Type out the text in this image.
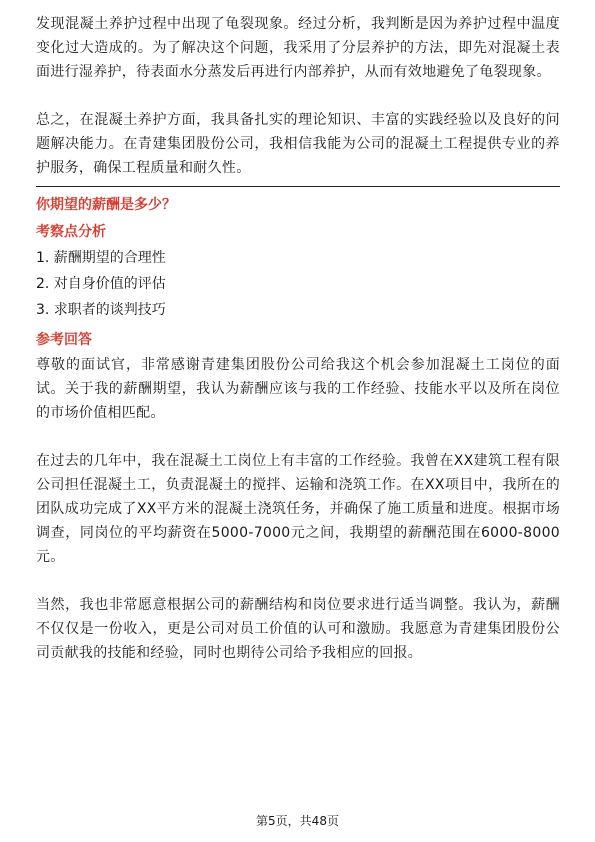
发现混凝土养护过程中出现了龟裂现象。经过分析，我判断是因为养护过程中温度变化过大造成的。为了解决这个问题，我采用了分层养护的方法，即先对混凝土表面进行湿养护，待表面水分蒸发后再进行内部养护，从而有效地避免了龟裂现象。

总之，在混凝土养护方面，我具备扎实的理论知识、丰富的实践经验以及良好的问题解决能力。在青建集团股份公司，我相信我能为公司的混凝土工程提供专业的养护服务，确保工程质量和耐久性。

你期望的薪酬是多少？

考察点分析

1. 薪酬期望的合理性

2. 对自身价值的评估

3. 求职者的谈判技巧

参考回答

尊敬的面试官，非常感谢青建集团股份公司给我这个机会参加混凝土工岗位的面试。关于我的薪酬期望，我认为薪酬应该与我的工作经验、技能水平以及所在岗位的市场价值相匹配。

在过去的几年中，我在混凝土工岗位上有丰富的工作经验。我曾在XX建筑工程有限公司担任混凝土工，负责混凝土的搅拌、运输和浇筑工作。在XX项目中，我所在的团队成功完成了XX平方米的混凝土浇筑任务，并确保了施工质量和进度。根据市场调查，同岗位的平均薪资在5000-7000元之间，我期望的薪酬范围在6000-8000元。

当然，我也非常愿意根据公司的薪酬结构和岗位要求进行适当调整。我认为，薪酬不仅仅是一份收入，更是公司对员工价值的认可和激励。我愿意为青建集团股份公司贡献我的技能和经验，同时也期待公司给予我相应的回报。

第5页，共48页
